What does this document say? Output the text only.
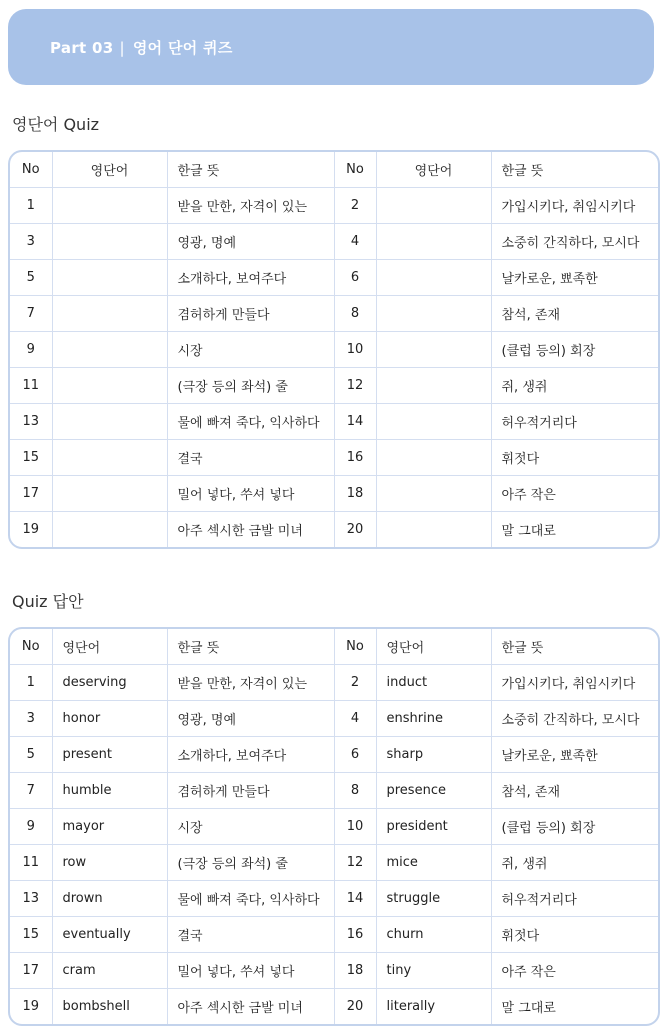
Part 03 | 영어 단어 퀴즈
영단어 Quiz
No	영단어	한글 뜻	No	영단어	한글 뜻
1		받을 만한, 자격이 있는	2		가입시키다, 취임시키다
3		영광, 명예	4		소중히 간직하다, 모시다
5		소개하다, 보여주다	6		날카로운, 뾰족한
7		겸허하게 만들다	8		참석, 존재
9		시장	10		(클럽 등의) 회장
11		(극장 등의 좌석) 줄	12		쥐, 생쥐
13		물에 빠져 죽다, 익사하다	14		허우적거리다
15		결국	16		휘젓다
17		밀어 넣다, 쑤셔 넣다	18		아주 작은
19		아주 섹시한 금발 미녀	20		말 그대로
Quiz 답안
No	영단어	한글 뜻	No	영단어	한글 뜻
1	deserving	받을 만한, 자격이 있는	2	induct	가입시키다, 취임시키다
3	honor	영광, 명예	4	enshrine	소중히 간직하다, 모시다
5	present	소개하다, 보여주다	6	sharp	날카로운, 뾰족한
7	humble	겸허하게 만들다	8	presence	참석, 존재
9	mayor	시장	10	president	(클럽 등의) 회장
11	row	(극장 등의 좌석) 줄	12	mice	쥐, 생쥐
13	drown	물에 빠져 죽다, 익사하다	14	struggle	허우적거리다
15	eventually	결국	16	churn	휘젓다
17	cram	밀어 넣다, 쑤셔 넣다	18	tiny	아주 작은
19	bombshell	아주 섹시한 금발 미녀	20	literally	말 그대로
